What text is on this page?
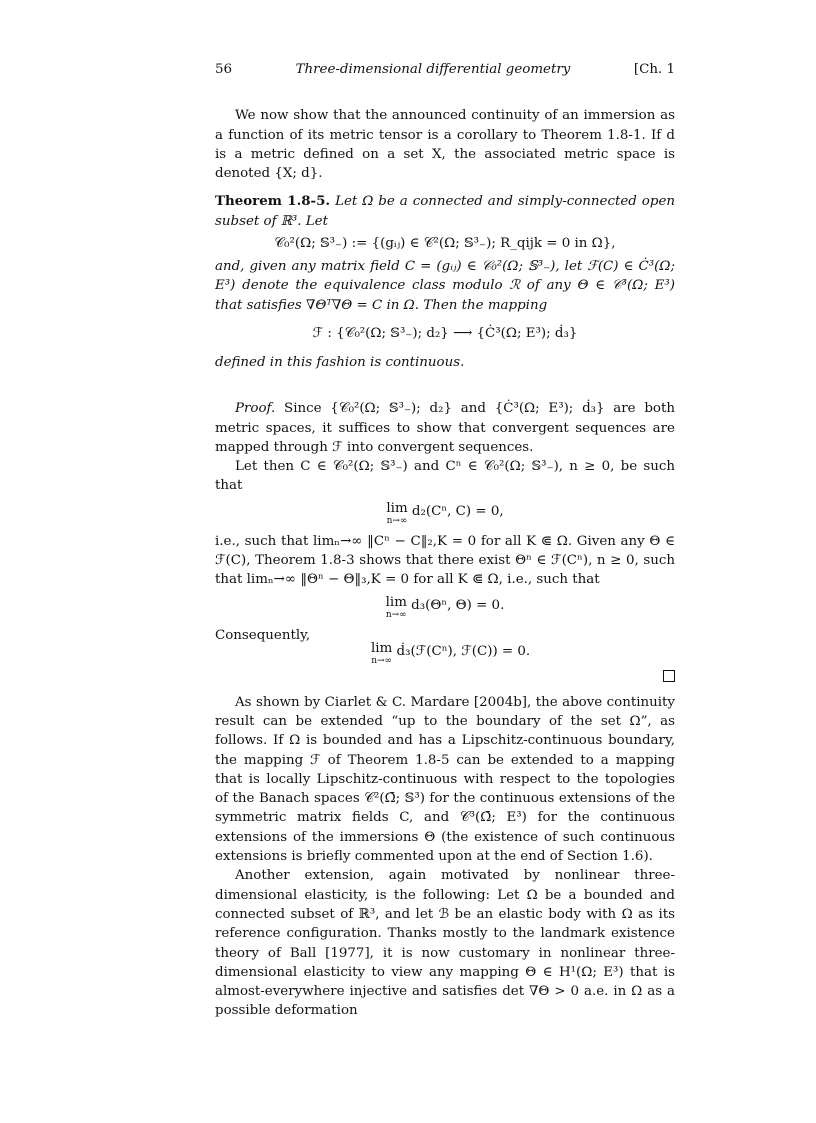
56	Three-dimensional differential geometry	[Ch. 1

We now show that the announced continuity of an immersion as a function of its metric tensor is a corollary to Theorem 1.8-1. If d is a metric defined on a set X, the associated metric space is denoted {X; d}.

Theorem 1.8-5. Let Ω be a connected and simply-connected open subset of ℝ³. Let

𝒞₀²(Ω; 𝕊³₋) := {(gᵢⱼ) ∈ 𝒞²(Ω; 𝕊³₋); R_qijk = 0 in Ω},

and, given any matrix field C = (gᵢⱼ) ∈ 𝒞₀²(Ω; 𝕊³₋), let ℱ(C) ∈ Ċ³(Ω; E³) denote the equivalence class modulo ℛ of any Θ ∈ 𝒞³(Ω; E³) that satisfies ∇Θᵀ∇Θ = C in Ω. Then the mapping

ℱ : {𝒞₀²(Ω; 𝕊³₋); d₂} ⟶ {Ċ³(Ω; E³); ḋ₃}

defined in this fashion is continuous.

Proof. Since {𝒞₀²(Ω; 𝕊³₋); d₂} and {Ċ³(Ω; E³); ḋ₃} are both metric spaces, it suffices to show that convergent sequences are mapped through ℱ into convergent sequences.

Let then C ∈ 𝒞₀²(Ω; 𝕊³₋) and Cⁿ ∈ 𝒞₀²(Ω; 𝕊³₋), n ≥ 0, be such that

lim
n→∞
d₂(Cⁿ, C) = 0,

i.e., such that limₙ→∞ ‖Cⁿ − C‖₂,K = 0 for all K ⋐ Ω. Given any Θ ∈ ℱ(C), Theorem 1.8-3 shows that there exist Θⁿ ∈ ℱ(Cⁿ), n ≥ 0, such that limₙ→∞ ‖Θⁿ − Θ‖₃,K = 0 for all K ⋐ Ω, i.e., such that

lim
n→∞
d₃(Θⁿ, Θ) = 0.
Consequently,
lim
n→∞
ḋ₃(ℱ(Cⁿ), ℱ(C)) = 0.

As shown by Ciarlet & C. Mardare [2004b], the above continuity result can be extended “up to the boundary of the set Ω”, as follows. If Ω is bounded and has a Lipschitz-continuous boundary, the mapping ℱ of Theorem 1.8-5 can be extended to a mapping that is locally Lipschitz-continuous with respect to the topologies of the Banach spaces 𝒞²(Ω̄; 𝕊³) for the continuous extensions of the symmetric matrix fields C, and 𝒞³(Ω̄; E³) for the continuous extensions of the immersions Θ (the existence of such continuous extensions is briefly commented upon at the end of Section 1.6).

Another extension, again motivated by nonlinear three-dimensional elasticity, is the following: Let Ω be a bounded and connected subset of ℝ³, and let ℬ be an elastic body with Ω as its reference configuration. Thanks mostly to the landmark existence theory of Ball [1977], it is now customary in nonlinear three-dimensional elasticity to view any mapping Θ ∈ H¹(Ω; E³) that is almost-everywhere injective and satisfies det ∇Θ > 0 a.e. in Ω as a possible deformation
